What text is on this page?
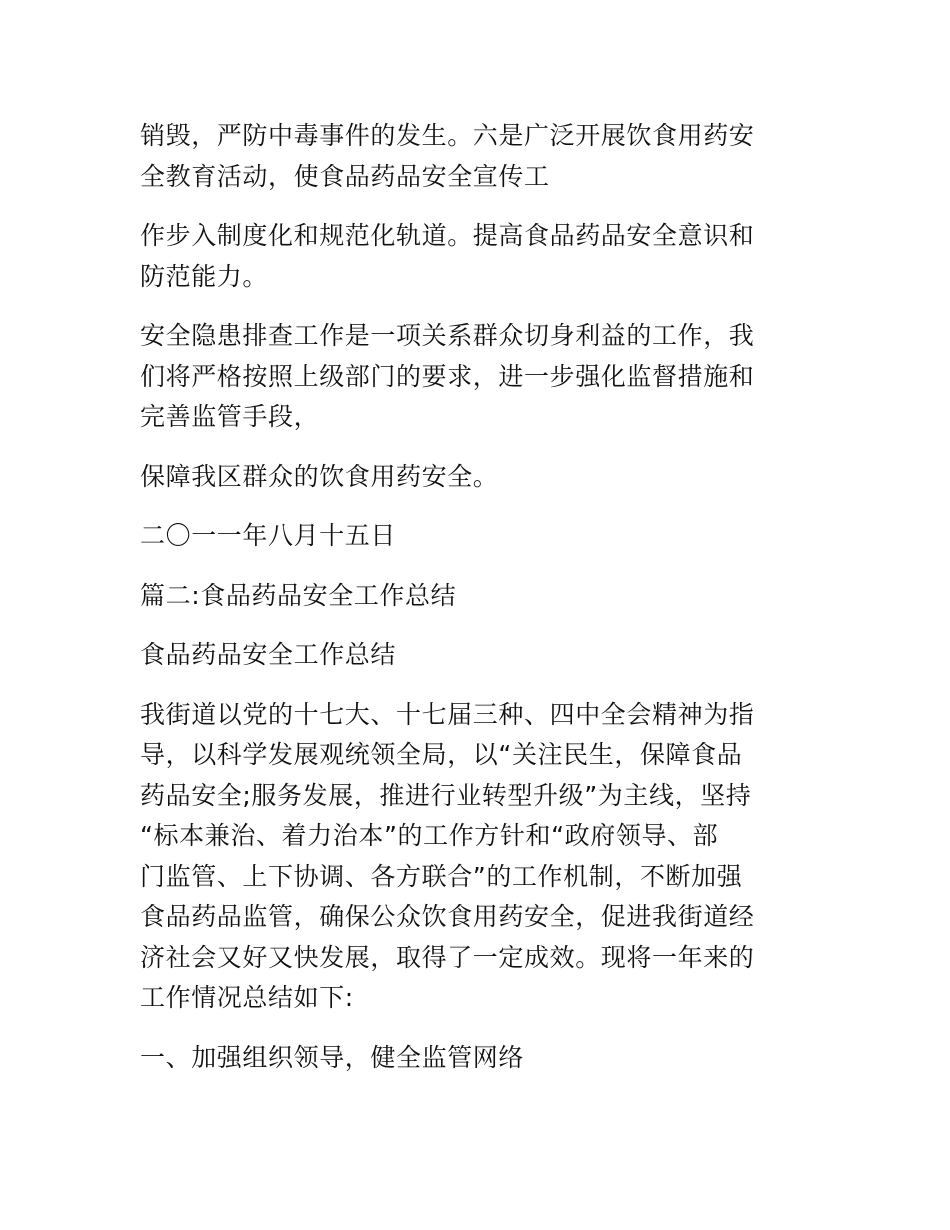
销毁，严防中毒事件的发生。六是广泛开展饮食用药安
全教育活动，使食品药品安全宣传工

作步入制度化和规范化轨道。提高食品药品安全意识和
防范能力。

安全隐患排查工作是一项关系群众切身利益的工作，我
们将严格按照上级部门的要求，进一步强化监督措施和
完善监管手段，

保障我区群众的饮食用药安全。

二〇一一年八月十五日

篇二:食品药品安全工作总结

食品药品安全工作总结

我街道以党的十七大、十七届三种、四中全会精神为指
导，以科学发展观统领全局，以“关注民生，保障食品
药品安全;服务发展，推进行业转型升级”为主线，坚持
“标本兼治、着力治本”的工作方针和“政府领导、部
门监管、上下协调、各方联合”的工作机制，不断加强
食品药品监管，确保公众饮食用药安全，促进我街道经
济社会又好又快发展，取得了一定成效。现将一年来的
工作情况总结如下:

一、加强组织领导，健全监管网络
